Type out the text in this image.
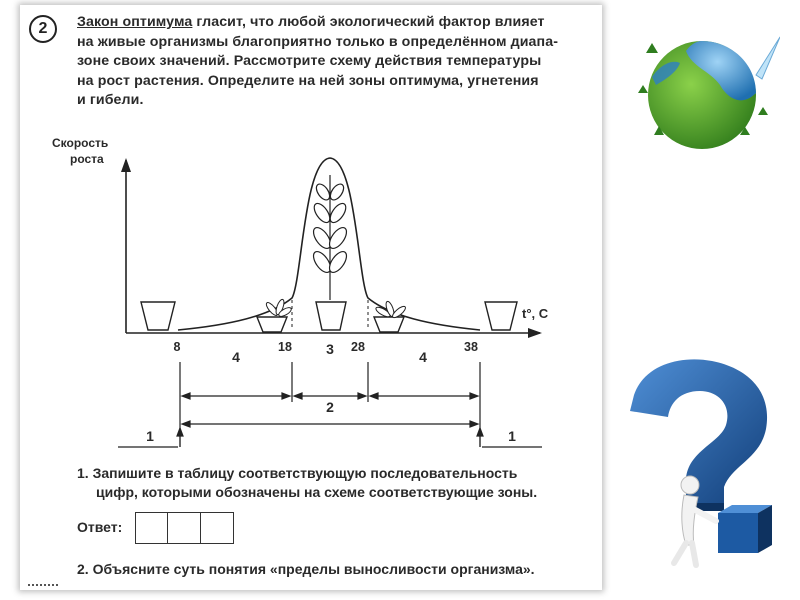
2	Закон оптимума гласит, что любой экологический фактор влияет
на живые организмы благоприятно только в определённом диапа-
зоне своих значений. Рассмотрите схему действия температуры
на рост растения. Определите на ней зоны оптимума, угнетения
и гибели.
Скорость
роста
t°, C
8	18	28	38
4	3	4
2
1	1
1. Запишите в таблицу соответствующую последовательность
цифр, которыми обозначены на схеме соответствующие зоны.
Ответ:
2. Объясните суть понятия «пределы выносливости организма».
